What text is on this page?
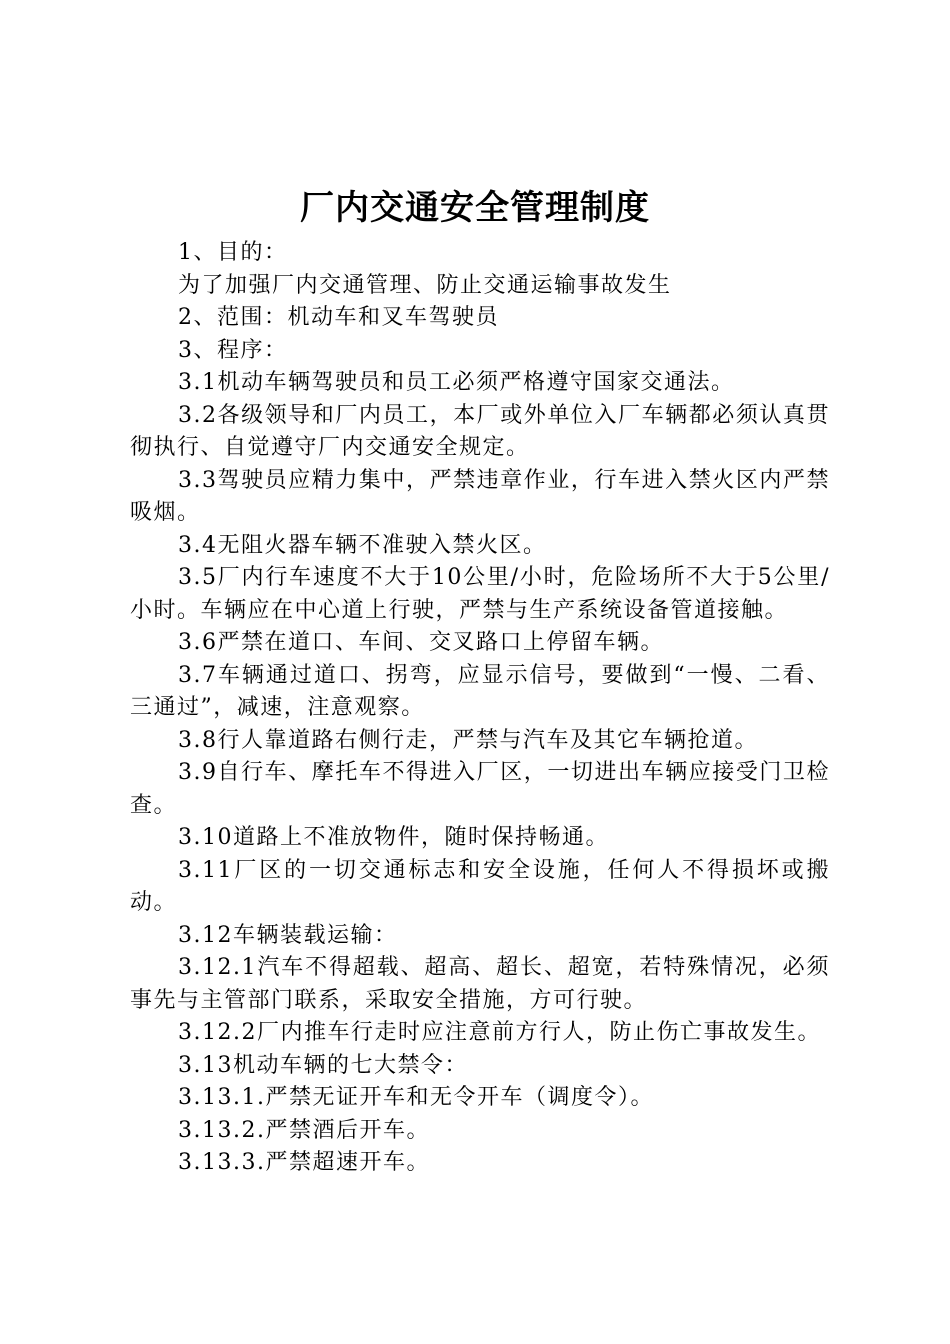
厂内交通安全管理制度

1、目的：

为了加强厂内交通管理、防止交通运输事故发生

2、范围：机动车和叉车驾驶员

3、程序：

3.1机动车辆驾驶员和员工必须严格遵守国家交通法。

3.2各级领导和厂内员工，本厂或外单位入厂车辆都必须认真贯彻执行、自觉遵守厂内交通安全规定。

3.3驾驶员应精力集中，严禁违章作业，行车进入禁火区内严禁吸烟。

3.4无阻火器车辆不准驶入禁火区。

3.5厂内行车速度不大于10公里/小时，危险场所不大于5公里/小时。车辆应在中心道上行驶，严禁与生产系统设备管道接触。

3.6严禁在道口、车间、交叉路口上停留车辆。

3.7车辆通过道口、拐弯，应显示信号，要做到“一慢、二看、三通过”，减速，注意观察。

3.8行人靠道路右侧行走，严禁与汽车及其它车辆抢道。

3.9自行车、摩托车不得进入厂区，一切进出车辆应接受门卫检查。

3.10道路上不准放物件，随时保持畅通。

3.11厂区的一切交通标志和安全设施，任何人不得损坏或搬动。

3.12车辆装载运输：

3.12.1汽车不得超载、超高、超长、超宽，若特殊情况，必须事先与主管部门联系，采取安全措施，方可行驶。

3.12.2厂内推车行走时应注意前方行人，防止伤亡事故发生。

3.13机动车辆的七大禁令：

3.13.1.严禁无证开车和无令开车（调度令）。

3.13.2.严禁酒后开车。

3.13.3.严禁超速开车。
